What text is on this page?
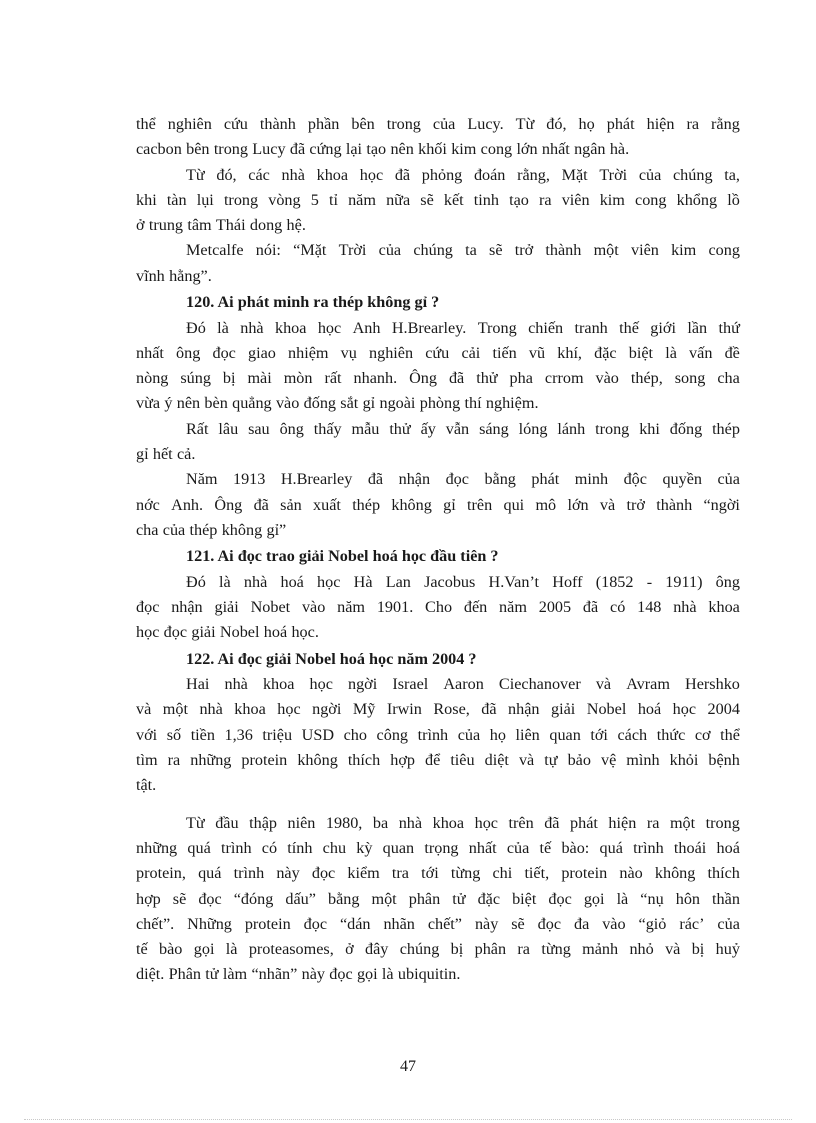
thể nghiên cứu thành phần bên trong của Lucy. Từ đó, họ phát hiện ra rằng
cacbon bên trong Lucy đã cứng lại tạo nên khối kim cong lớn nhất ngân hà.
Từ đó, các nhà khoa học đã phỏng đoán rằng, Mặt Trời của chúng ta,
khi tàn lụi trong vòng 5 tỉ năm nữa sẽ kết tinh tạo ra viên kim cong khổng lồ
ở trung tâm Thái dong hệ.
Metcalfe nói: “Mặt Trời của chúng ta sẽ trở thành một viên kim cong
vĩnh hằng”.
120. Ai phát minh ra thép không gỉ ?
Đó là nhà khoa học Anh H.Brearley. Trong chiến tranh thế giới lần thứ
nhất ông đọc giao nhiệm vụ nghiên cứu cải tiến vũ khí, đặc biệt là vấn đề
nòng súng bị mài mòn rất nhanh. Ông đã thử pha crrom vào thép, song cha
vừa ý nên bèn quẳng vào đống sắt gỉ ngoài phòng thí nghiệm.
Rất lâu sau ông thấy mẫu thử ấy vẫn sáng lóng lánh trong khi đống thép
gỉ hết cả.
Năm 1913 H.Brearley đã nhận đọc bằng phát minh độc quyền của
nớc Anh. Ông đã sản xuất thép không gỉ trên qui mô lớn và trở thành “ngời
cha của thép không gỉ”
121. Ai đọc trao giải Nobel hoá học đầu tiên ?
Đó là nhà hoá học Hà Lan Jacobus H.Van’t Hoff (1852 - 1911) ông
đọc nhận giải Nobet vào năm 1901. Cho đến năm 2005 đã có 148 nhà khoa
học đọc giải Nobel hoá học.
122. Ai đọc giải Nobel hoá học năm 2004 ?
Hai nhà khoa học ngời Israel Aaron Ciechanover và Avram Hershko
và một nhà khoa học ngời Mỹ Irwin Rose, đã nhận giải Nobel hoá học 2004
với số tiền 1,36 triệu USD cho công trình của họ liên quan tới cách thức cơ thể
tìm ra những protein không thích hợp để tiêu diệt và tự bảo vệ mình khỏi bệnh
tật.
Từ đầu thập niên 1980, ba nhà khoa học trên đã phát hiện ra một trong
những quá trình có tính chu kỳ quan trọng nhất của tế bào: quá trình thoái hoá
protein, quá trình này đọc kiểm tra tới từng chi tiết, protein nào không thích
hợp sẽ đọc “đóng dấu” bằng một phân tử đặc biệt đọc gọi là “nụ hôn thần
chết”. Những protein đọc “dán nhãn chết” này sẽ đọc đa vào “giỏ rác’ của
tế bào gọi là proteasomes, ở đây chúng bị phân ra từng mảnh nhỏ và bị huỷ
diệt. Phân tử làm “nhãn” này đọc gọi là ubiquitin.
47
